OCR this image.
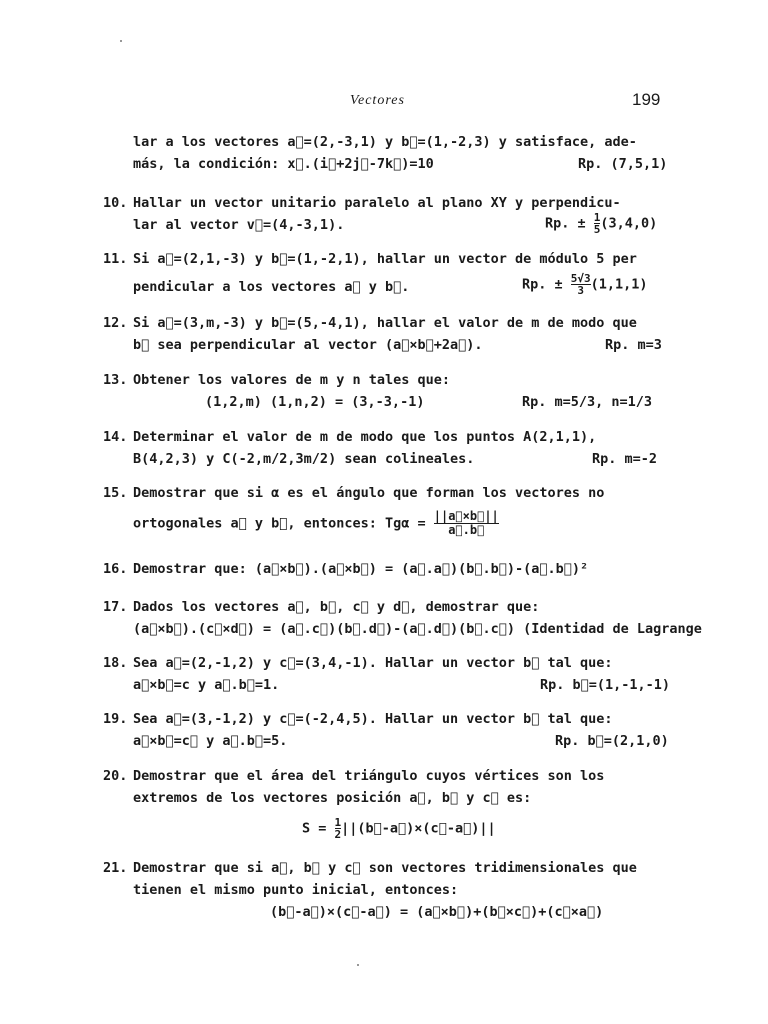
Vectores	199
lar a los vectores a⃗=(2,-3,1) y b⃗=(1,-2,3) y satisface, ade-
más, la condición: x⃗.(i⃗+2j⃗-7k⃗)=10	Rp. (7,5,1)
10. Hallar un vector unitario paralelo al plano XY y perpendicu-
lar al vector v⃗=(4,-3,1).	Rp. ± $\frac{1}{5} (3,4,0)$
11. Si a⃗=(2,1,-3) y b⃗=(1,-2,1), hallar un vector de módulo 5 per
pendicular a los vectores a⃗ y b⃗.	Rp. ± $\frac{5√3}{3} (1,1,1)$
12. Si a⃗=(3,m,-3) y b⃗=(5,-4,1), hallar el valor de m de modo que
b⃗ sea perpendicular al vector (a⃗×b⃗+2a⃗).	Rp. m=3
13. Obtener los valores de m y n tales que:
(1,2,m) (1,n,2) = (3,-3,-1)	Rp. m=5/3, n=1/3
14. Determinar el valor de m de modo que los puntos A(2,1,1),
B(4,2,3) y C(-2,m/2,3m/2) sean colineales.	Rp. m=-2
15. Demostrar que si α es el ángulo que forman los vectores no
ortogonales a⃗ y b⃗, entonces: $Tg\alpha = \frac{||a⃗\times b⃗||}{a⃗.b⃗}$
16. Demostrar que: (a⃗×b⃗).(a⃗×b⃗) = (a⃗.a⃗)(b⃗.b⃗)-(a⃗.b⃗)²
17. Dados los vectores a⃗, b⃗, c⃗ y d⃗, demostrar que:
(a⃗×b⃗).(c⃗×d⃗) = (a⃗.c⃗)(b⃗.d⃗)-(a⃗.d⃗)(b⃗.c⃗) (Identidad de Lagrange
18. Sea a⃗=(2,-1,2) y c⃗=(3,4,-1). Hallar un vector b⃗ tal que:
a⃗×b⃗=c y a⃗.b⃗=1.	Rp. b⃗=(1,-1,-1)
19. Sea a⃗=(3,-1,2) y c⃗=(-2,4,5). Hallar un vector b⃗ tal que:
a⃗×b⃗=c⃗ y a⃗.b⃗=5.	Rp. b⃗=(2,1,0)
20. Demostrar que el área del triángulo cuyos vértices son los
extremos de los vectores posición a⃗, b⃗ y c⃗ es:
$S = \frac{1}{2}$ ||(b⃗-a⃗)×(c⃗-a⃗)||
21. Demostrar que si a⃗, b⃗ y c⃗ son vectores tridimensionales que
tienen el mismo punto inicial, entonces:
(b⃗-a⃗)×(c⃗-a⃗) = (a⃗×b⃗)+(b⃗×c⃗)+(c⃗×a⃗)
